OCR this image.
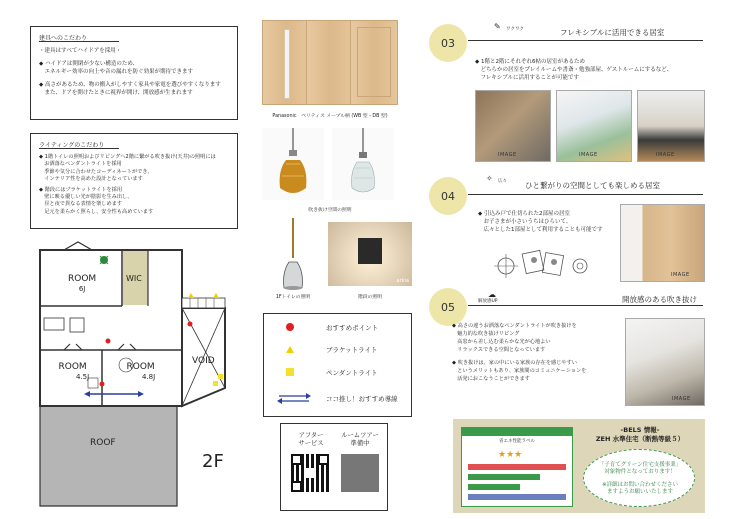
建具へのこだわり
・建具はすべてハイドアを採用・
◆ ハイドアは開閉が少ない構造のため、
　エネルギー効率の向上や音の漏れを防ぐ効果が期待できます
◆ 高さがあるため、物の搬入がしやすく家具や家電を選びやすくなります
　また、ドアを開けたときに視界が開け、開放感が生まれます
ライティングのこだわり
◆ 1階トイレの照明およびリビングへ2階に繋がる吹き抜け(天井)の照明には
　お洒落なペンダントライトを採用
　季節や気分に合わせたコーディネートができ、
　インテリア性を高めた設計となっています
◆ 階段にはブラケットライトを採用
　壁に映る優しい光が陰影を生み出し、
　昼と夜で異なる表情を楽しめます
　足元を柔らかく照らし、安全性も高めています
Panasonic　ベリティス メープル柄 (WB 型・DB 型)
吹き抜け空間の照明
1Fトイレの照明
arkia
階段の照明
ROOM
6J
WIC
ROOM
4.5J
ROOM
4.8J
VOID
ROOF
2F
おすすめポイント
ブラケットライト
ペンダントライト
ココ推し！おすすめ導線
アフター
サービス
ルームツアー
準備中
03
✎ ワクワク	フレキシブルに活用できる居室
◆ 1階と2階にそれぞれ6帖の居室があるため
　どちらかの居室をプレイルームや書斎・勉強部屋、ゲストルームにするなど、
　フレキシブルに活用することが可能です
IMAGE	IMAGE	IMAGE
04
✧ 広々 ひと繋がりの空間としても楽しめる居室
◆ 引込み戸で仕切られた2部屋の居室
　お子さまが小さいうちはひらいて、
　広々とした1部屋として利用することも可能です
IMAGE
05
☁
解放感UP	開放感のある吹き抜け
◆ 高さの違うお洒落なペンダントライトが吹き抜けを
　魅力的な吹き抜けリビング
　高窓から差し込む柔らかな光が心地よい
　リラックスできる空間となっています
◆ 吹き抜けは、家の中にいる家族の存在を感じやすい
　というメリットもあり、家族間のコミュニケーションを
　活発におこなうことができます
IMAGE
省エネ性能ラベル
★★★
-BELS 情報-
ZEH 水準住宅（断熱等級５）
「子育てグリーン住宅支援事業」
対象物件となっております！
※詳細はお問い合わせください
ますようお願いいたします
